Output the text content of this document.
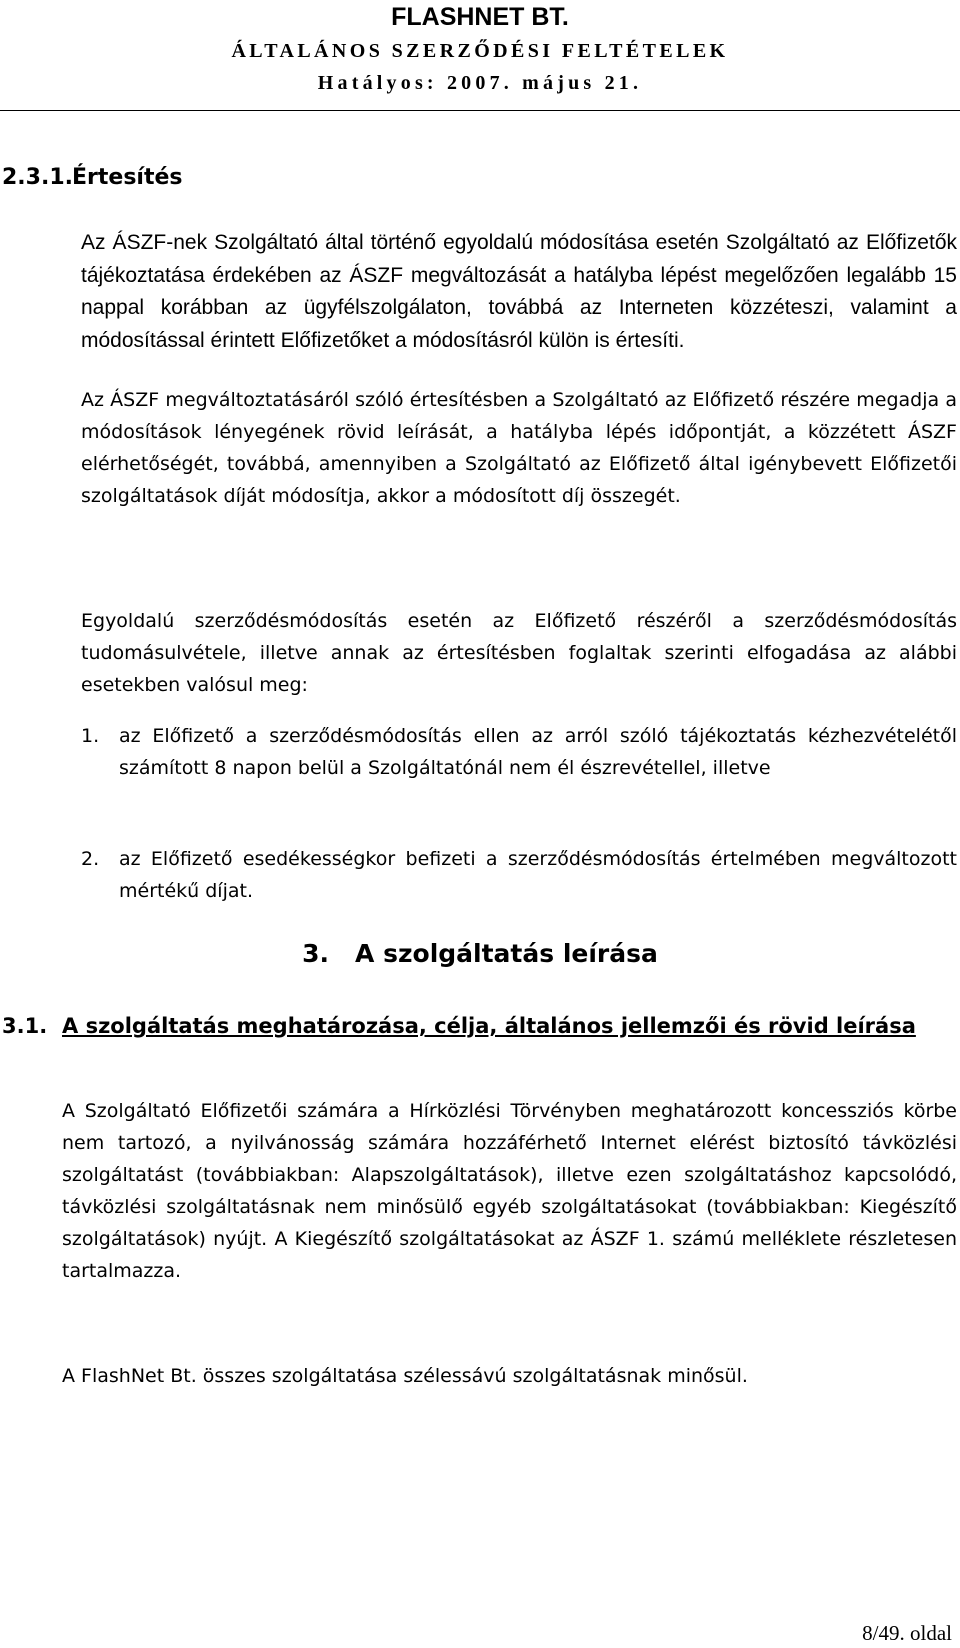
FLASHNET BT.
ÁLTALÁNOS SZERZŐDÉSI FELTÉTELEK
Hatályos: 2007. május 21.
2.3.1.Értesítés

Az ÁSZF-nek Szolgáltató által történő egyoldalú módosítása esetén Szolgáltató az Előfizetők tájékoztatása érdekében az ÁSZF megváltozását a hatályba lépést megelőzően legalább 15 nappal korábban az ügyfélszolgálaton, továbbá az Interneten közzéteszi, valamint a módosítással érintett Előfizetőket a módosításról külön is értesíti.

Az ÁSZF megváltoztatásáról szóló értesítésben a Szolgáltató az Előfizető részére megadja a módosítások lényegének rövid leírását, a hatályba lépés időpontját, a közzétett ÁSZF elérhetőségét, továbbá, amennyiben a Szolgáltató az Előfizető által igénybevett Előfizetői szolgáltatások díját módosítja, akkor a módosított díj összegét.

Egyoldalú szerződésmódosítás esetén az Előfizető részéről a szerződésmódosítás tudomásulvétele, illetve annak az értesítésben foglaltak szerinti elfogadása az alábbi esetekben valósul meg:

1. az Előfizető a szerződésmódosítás ellen az arról szóló tájékoztatás kézhezvételétől számított 8 napon belül a Szolgáltatónál nem él észrevétellel, illetve
2. az Előfizető esedékességkor befizeti a szerződésmódosítás értelmében megváltozott mértékű díjat.
3. A szolgáltatás leírása
3.1. A szolgáltatás meghatározása, célja, általános jellemzői és rövid leírása

A Szolgáltató Előfizetői számára a Hírközlési Törvényben meghatározott koncessziós körbe nem tartozó, a nyilvánosság számára hozzáférhető Internet elérést biztosító távközlési szolgáltatást (továbbiakban: Alapszolgáltatások), illetve ezen szolgáltatáshoz kapcsolódó, távközlési szolgáltatásnak nem minősülő egyéb szolgáltatásokat (továbbiakban: Kiegészítő szolgáltatások) nyújt. A Kiegészítő szolgáltatásokat az ÁSZF 1. számú melléklete részletesen tartalmazza.

A FlashNet Bt. összes szolgáltatása szélessávú szolgáltatásnak minősül.

8/49. oldal
